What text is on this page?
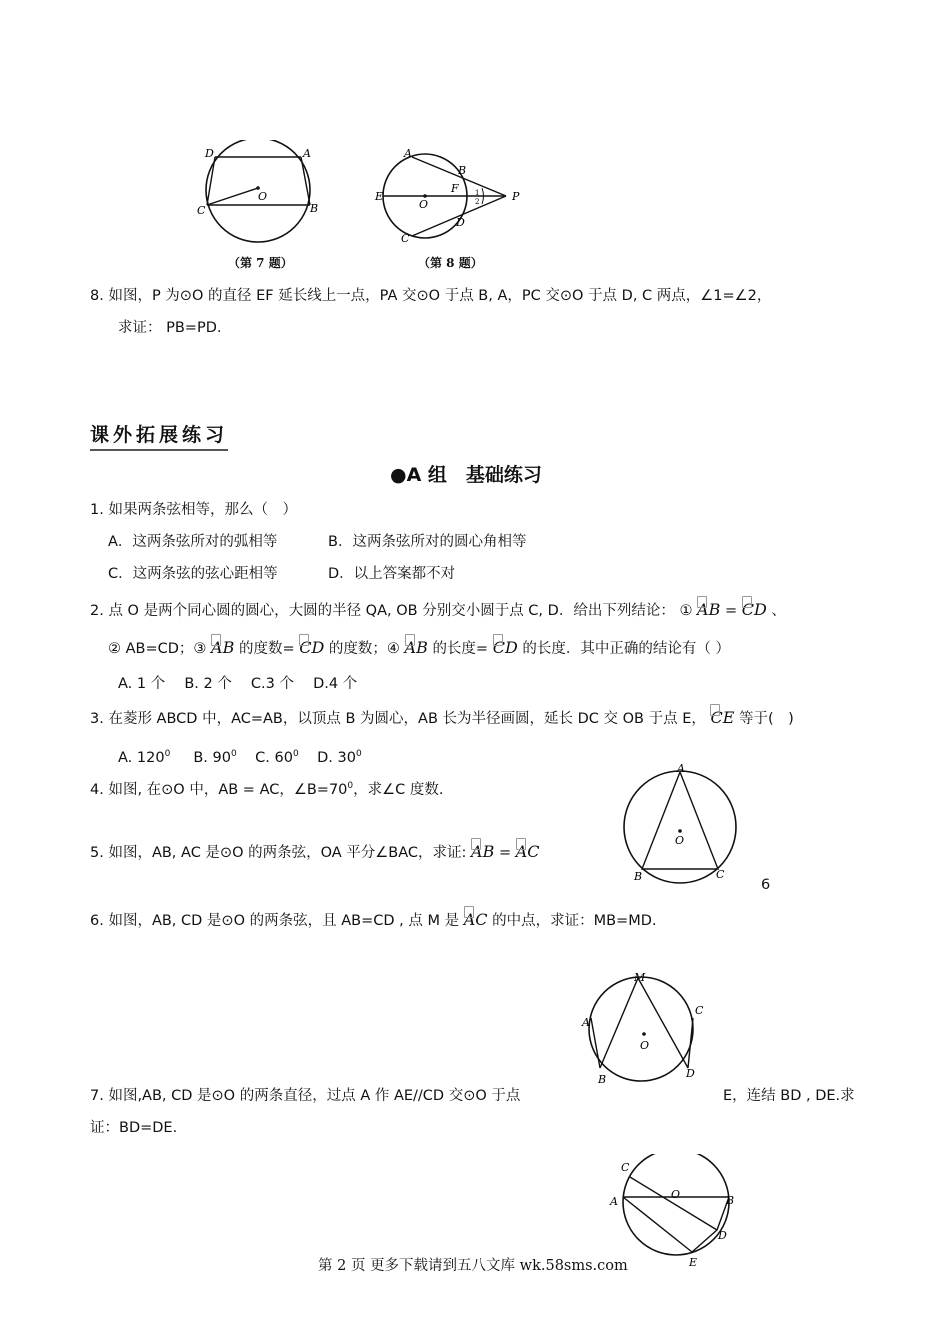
D	A
O
C	B
（第 7 题）
A
B
E
F
O
P
D
C
1
2
（第 8 题）
8. 如图，P 为⊙O 的直径 EF 延长线上一点，PA 交⊙O 于点 B, A，PC 交⊙O 于点 D, C 两点，∠1=∠2，
求证： PB=PD.
课外拓展练习
●A 组　基础练习
1. 如果两条弦相等，那么（　）
A．这两条弦所对的弧相等	B．这两条弦所对的圆心角相等
C．这两条弦的弦心距相等	D．以上答案都不对
2. 点 O 是两个同心圆的圆心，大圆的半径 QA, OB 分别交小圆于点 C, D．给出下列结论： ① AB = CD 、
② AB=CD；③ AB 的度数= CD 的度数；④ AB 的长度= CD 的长度．其中正确的结论有（ ）
A. 1 个　 B. 2 个　 C.3 个　 D.4 个
3. 在菱形 ABCD 中，AC=AB，以顶点 B 为圆心，AB 长为半径画圆，延长 DC 交 OB 于点 E， CE 等于(　)
A. $120^0$ B. $90^0$ C. $60^0$ D. $30^0$
4. 如图, 在⊙O 中，AB = AC，$\angle B=70^0$，求∠C 度数.
A
O
B	C
6
5. 如图，AB, AC 是⊙O 的两条弦，OA 平分∠BAC，求证: AB = AC
6. 如图，AB, CD 是⊙O 的两条弦，且 AB=CD , 点 M 是 AC 的中点，求证：MB=MD.
M
A
C
O
B	D
7. 如图,AB, CD 是⊙O 的两条直径，过点 A 作 AE//CD 交⊙O 于点	E，连结 BD , DE.求
证：BD=DE.
C
O
A	B
D
E
第 2 页 更多下载请到五八文库 wk.58sms.com
